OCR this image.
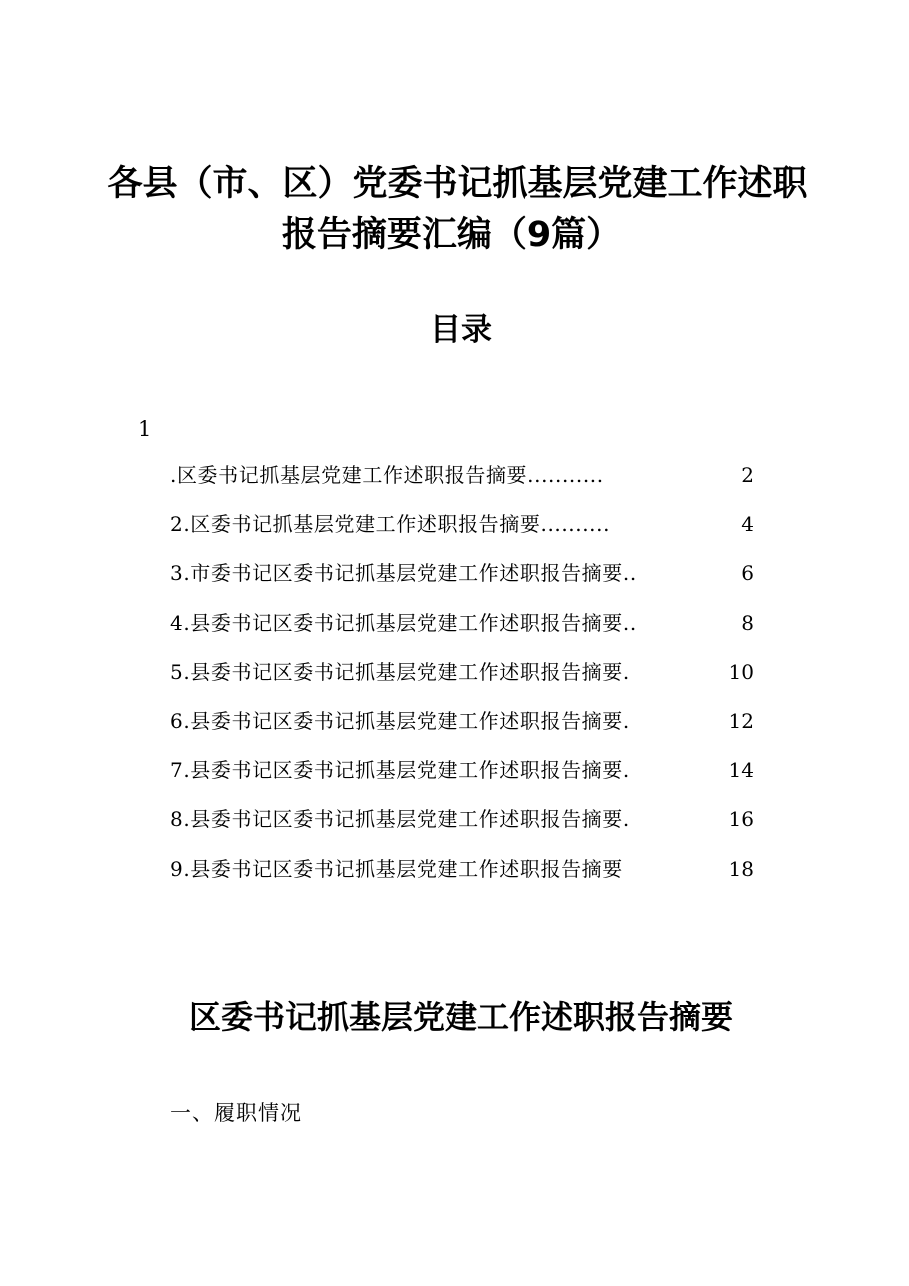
各县（市、区）党委书记抓基层党建工作述职
报告摘要汇编（9篇）
目录
1
.区委书记抓基层党建工作述职报告摘要...........	2
2.区委书记抓基层党建工作述职报告摘要..........	4
3.市委书记区委书记抓基层党建工作述职报告摘要..	6
4.县委书记区委书记抓基层党建工作述职报告摘要..	8
5.县委书记区委书记抓基层党建工作述职报告摘要.	10
6.县委书记区委书记抓基层党建工作述职报告摘要.	12
7.县委书记区委书记抓基层党建工作述职报告摘要.	14
8.县委书记区委书记抓基层党建工作述职报告摘要.	16
9.县委书记区委书记抓基层党建工作述职报告摘要	18
区委书记抓基层党建工作述职报告摘要
一、履职情况
